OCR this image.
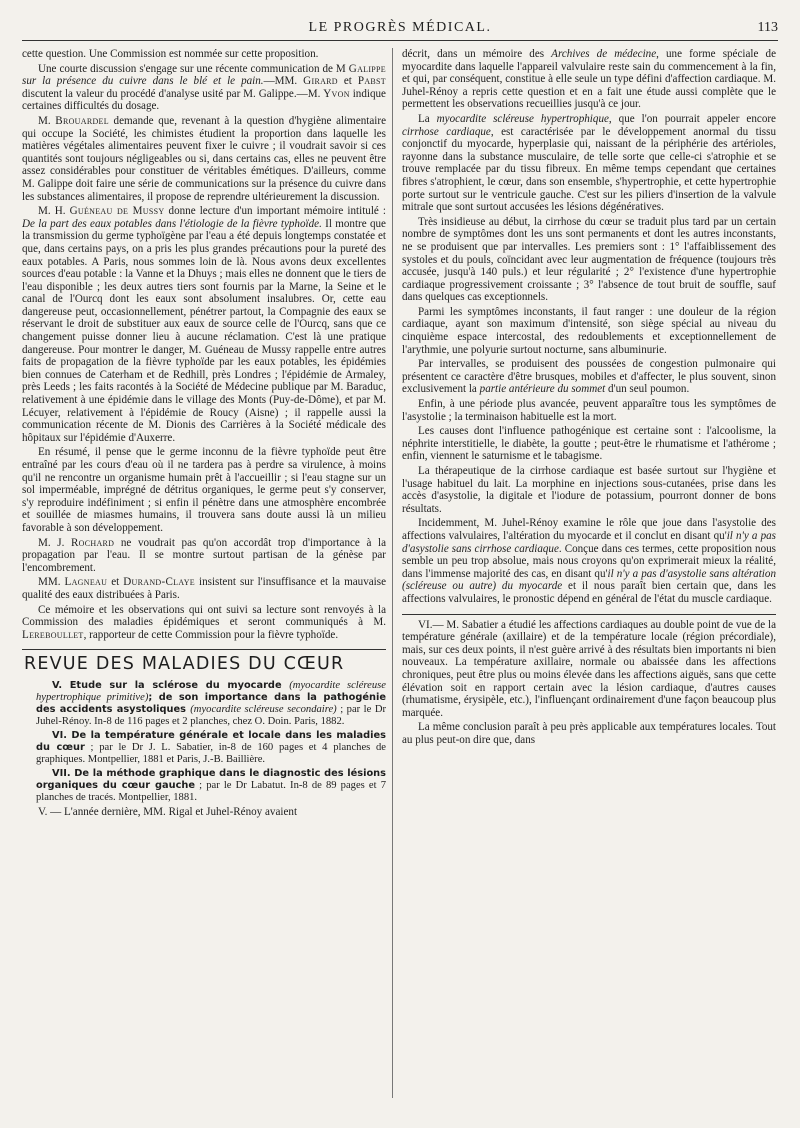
LE PROGRÈS MÉDICAL.	113

cette question. Une Commission est nommée sur cette proposition.

Une courte discussion s'engage sur une récente communication de M Galippe sur la présence du cuivre dans le blé et le pain.—MM. Girard et Pabst discutent la valeur du procédé d'analyse usité par M. Galippe.—M. Yvon indique certaines difficultés du dosage.

M. Brouardel demande que, revenant à la question d'hygiène alimentaire qui occupe la Société, les chimistes étudient la proportion dans laquelle les matières végétales alimentaires peuvent fixer le cuivre ; il voudrait savoir si ces quantités sont toujours négligeables ou si, dans certains cas, elles ne peuvent être assez considérables pour constituer de véritables émétiques. D'ailleurs, comme M. Galippe doit faire une série de communications sur la présence du cuivre dans les substances alimentaires, il propose de reprendre ultérieurement la discussion.

M. H. Guéneau de Mussy donne lecture d'un important mémoire intitulé : De la part des eaux potables dans l'étiologie de la fièvre typhoïde. Il montre que la transmission du germe typhoïgène par l'eau a été depuis longtemps constatée et que, dans certains pays, on a pris les plus grandes précautions pour la pureté des eaux potables. A Paris, nous sommes loin de là. Nous avons deux excellentes sources d'eau potable : la Vanne et la Dhuys ; mais elles ne donnent que le tiers de l'eau disponible ; les deux autres tiers sont fournis par la Marne, la Seine et le canal de l'Ourcq dont les eaux sont absolument insalubres. Or, cette eau dangereuse peut, occasionnellement, pénétrer partout, la Compagnie des eaux se réservant le droit de substituer aux eaux de source celle de l'Ourcq, sans que ce changement puisse donner lieu à aucune réclamation. C'est là une pratique dangereuse. Pour montrer le danger, M. Guéneau de Mussy rappelle entre autres faits de propagation de la fièvre typhoïde par les eaux potables, les épidémies bien connues de Caterham et de Redhill, près Londres ; l'épidémie de Armaley, près Leeds ; les faits racontés à la Société de Médecine publique par M. Baraduc, relativement à une épidémie dans le village des Monts (Puy-de-Dôme), et par M. Lécuyer, relativement à l'épidémie de Roucy (Aisne) ; il rappelle aussi la communication récente de M. Dionis des Carrières à la Société médicale des hôpitaux sur l'épidémie d'Auxerre.

En résumé, il pense que le germe inconnu de la fièvre typhoïde peut être entraîné par les cours d'eau où il ne tardera pas à perdre sa virulence, à moins qu'il ne rencontre un organisme humain prêt à l'accueillir ; si l'eau stagne sur un sol imperméable, imprégné de détritus organiques, le germe peut s'y conserver, s'y reproduire indéfiniment ; si enfin il pénètre dans une atmosphère encombrée et souillée de miasmes humains, il trouvera sans doute aussi là un milieu favorable à son développement.

M. J. Rochard ne voudrait pas qu'on accordât trop d'importance à la propagation par l'eau. Il se montre surtout partisan de la génèse par l'encombrement.

MM. Lagneau et Durand-Claye insistent sur l'insuffisance et la mauvaise qualité des eaux distribuées à Paris.

Ce mémoire et les observations qui ont suivi sa lecture sont renvoyés à la Commission des maladies épidémiques et seront communiqués à M. Lereboullet, rapporteur de cette Commission pour la fièvre typhoïde.

REVUE DES MALADIES DU CŒUR

V. Etude sur la sclérose du myocarde (myocardite scléreuse hypertrophique primitive); de son importance dans la pathogénie des accidents asystoliques (myocardite scléreuse secondaire) ; par le Dr Juhel-Rénoy. In-8 de 116 pages et 2 planches, chez O. Doin. Paris, 1882.

VI. De la température générale et locale dans les maladies du cœur ; par le Dr J. L. Sabatier, in-8 de 160 pages et 4 planches de graphiques. Montpellier, 1881 et Paris, J.-B. Baillière.

VII. De la méthode graphique dans le diagnostic des lésions organiques du cœur gauche ; par le Dr Labatut. In-8 de 89 pages et 7 planches de tracés. Montpellier, 1881.

V. — L'année dernière, MM. Rigal et Juhel-Rénoy avaient

décrit, dans un mémoire des Archives de médecine, une forme spéciale de myocardite dans laquelle l'appareil valvulaire reste sain du commencement à la fin, et qui, par conséquent, constitue à elle seule un type défini d'affection cardiaque. M. Juhel-Rénoy a repris cette question et en a fait une étude aussi complète que le permettent les observations recueillies jusqu'à ce jour.

La myocardite scléreuse hypertrophique, que l'on pourrait appeler encore cirrhose cardiaque, est caractérisée par le développement anormal du tissu conjonctif du myocarde, hyperplasie qui, naissant de la périphérie des artérioles, rayonne dans la substance musculaire, de telle sorte que celle-ci s'atrophie et se trouve remplacée par du tissu fibreux. En même temps cependant que certaines fibres s'atrophient, le cœur, dans son ensemble, s'hypertrophie, et cette hypertrophie porte surtout sur le ventricule gauche. C'est sur les piliers d'insertion de la valvule mitrale que sont surtout accusées les lésions dégénératives.

Très insidieuse au début, la cirrhose du cœur se traduit plus tard par un certain nombre de symptômes dont les uns sont permanents et dont les autres inconstants, ne se produisent que par intervalles. Les premiers sont : 1° l'affaiblissement des systoles et du pouls, coïncidant avec leur augmentation de fréquence (toujours très accusée, jusqu'à 140 puls.) et leur régularité ; 2° l'existence d'une hypertrophie cardiaque progressivement croissante ; 3° l'absence de tout bruit de souffle, sauf dans quelques cas exceptionnels.

Parmi les symptômes inconstants, il faut ranger : une douleur de la région cardiaque, ayant son maximum d'intensité, son siège spécial au niveau du cinquième espace intercostal, des redoublements et exceptionnellement de l'arythmie, une polyurie surtout nocturne, sans albuminurie.

Par intervalles, se produisent des poussées de congestion pulmonaire qui présentent ce caractère d'être brusques, mobiles et d'affecter, le plus souvent, sinon exclusivement la partie antérieure du sommet d'un seul poumon.

Enfin, à une période plus avancée, peuvent apparaître tous les symptômes de l'asystolie ; la terminaison habituelle est la mort.

Les causes dont l'influence pathogénique est certaine sont : l'alcoolisme, la néphrite interstitielle, le diabète, la goutte ; peut-être le rhumatisme et l'athérome ; enfin, viennent le saturnisme et le tabagisme.

La thérapeutique de la cirrhose cardiaque est basée surtout sur l'hygiène et l'usage habituel du lait. La morphine en injections sous-cutanées, prise dans les accès d'asystolie, la digitale et l'iodure de potassium, pourront donner de bons résultats.

Incidemment, M. Juhel-Rénoy examine le rôle que joue dans l'asystolie des affections valvulaires, l'altération du myocarde et il conclut en disant qu'il n'y a pas d'asystolie sans cirrhose cardiaque. Conçue dans ces termes, cette proposition nous semble un peu trop absolue, mais nous croyons qu'on exprimerait mieux la réalité, dans l'immense majorité des cas, en disant qu'il n'y a pas d'asystolie sans altération (scléreuse ou autre) du myocarde et il nous paraît bien certain que, dans les affections valvulaires, le pronostic dépend en général de l'état du muscle cardiaque.

VI.— M. Sabatier a étudié les affections cardiaques au double point de vue de la température générale (axillaire) et de la température locale (région précordiale), mais, sur ces deux points, il n'est guère arrivé à des résultats bien importants ni bien nouveaux. La température axillaire, normale ou abaissée dans les affections chroniques, peut être plus ou moins élevée dans les affections aiguës, sans que cette élévation soit en rapport certain avec la lésion cardiaque, d'autres causes (rhumatisme, érysipèle, etc.), l'influençant ordinairement d'une façon beaucoup plus marquée.

La même conclusion paraît à peu près applicable aux températures locales. Tout au plus peut-on dire que, dans
